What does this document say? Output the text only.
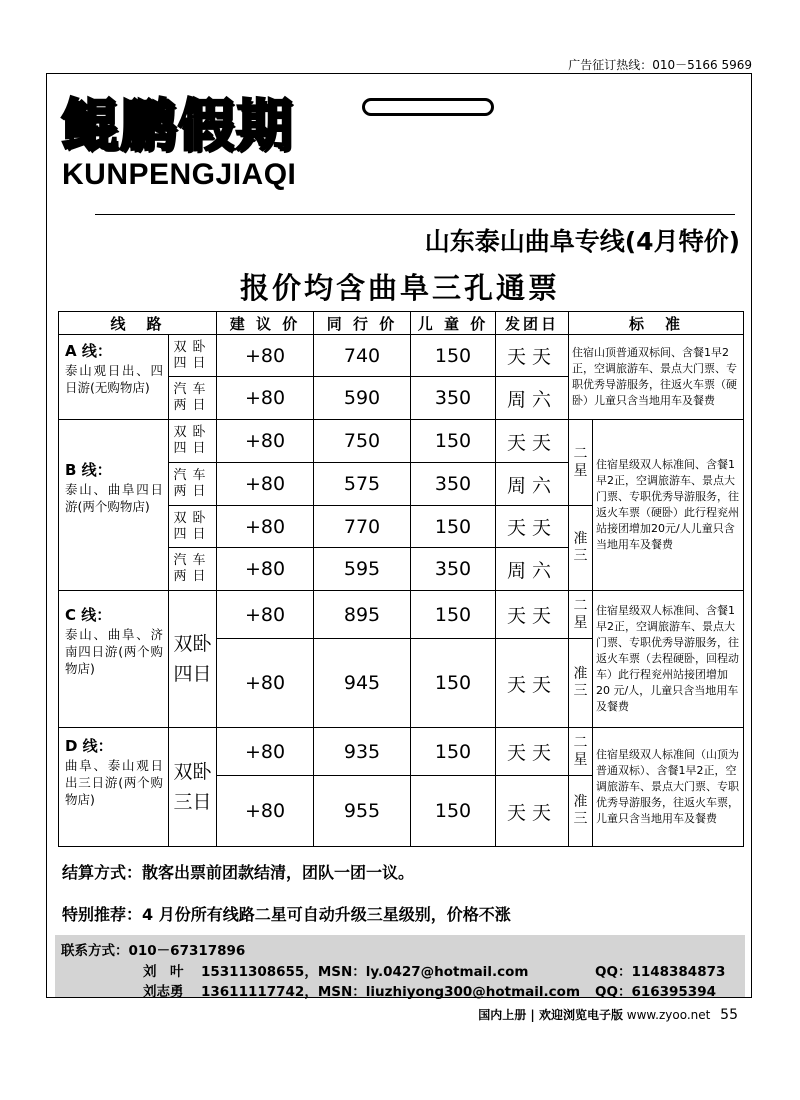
广告征订热线：010－5166 5969
鲲鹏假期
KUNPENGJIAQI
山东泰山曲阜专线(4月特价)
报价均含曲阜三孔通票
线　路		建 议 价	同 行 价	儿 童 价	发团日	标　准	

A 线：
泰山观日出、四日游(无购物店)	双卧四日	+80	740	150	天天	住宿山顶普通双标间、含餐1早2正，空调旅游车、景点大门票、专职优秀导游服务，往返火车票（硬卧）儿童只含当地用车及餐费	
	汽车两日	+80	590	350	周六		

B 线：
泰山、曲阜四日游(两个购物店)	双卧四日	+80	750	150	天天	二星	住宿星级双人标准间、含餐1早2正，空调旅游车、景点大门票、专职优秀导游服务，往返火车票（硬卧）此行程兖州站接团增加20元/人儿童只含当地用车及餐费
	汽车两日	+80	575	350	周六		
	双卧四日	+80	770	150	天天	准三	
	汽车两日	+80	595	350	周六		

C 线：
泰山、曲阜、济南四日游(两个购物店)	双卧四日	+80	895	150	天天	二星	住宿星级双人标准间、含餐1早2正，空调旅游车、景点大门票、专职优秀导游服务，往返火车票（去程硬卧，回程动车）此行程兖州站接团增加 20 元/人，儿童只含当地用车及餐费
		+80	945	150	天天	准三	

D 线：
曲阜、泰山观日出三日游(两个购物店)	双卧三日	+80	935	150	天天	二星	住宿星级双人标准间（山顶为普通双标）、含餐1早2正，空调旅游车、景点大门票、专职优秀导游服务，往返火车票，儿童只含当地用车及餐费
		+80	955	150	天天	准三	
结算方式：散客出票前团款结清，团队一团一议。
特别推荐：4 月份所有线路二星可自动升级三星级别，价格不涨
联系方式：010－67317896
刘　叶 15311308655，MSN：ly.0427@hotmail.com	QQ：1148384873
刘志勇 13611117742，MSN：liuzhiyong300@hotmail.com QQ：616395394
国内上册 | 欢迎浏览电子版 www.zyoo.net 55
